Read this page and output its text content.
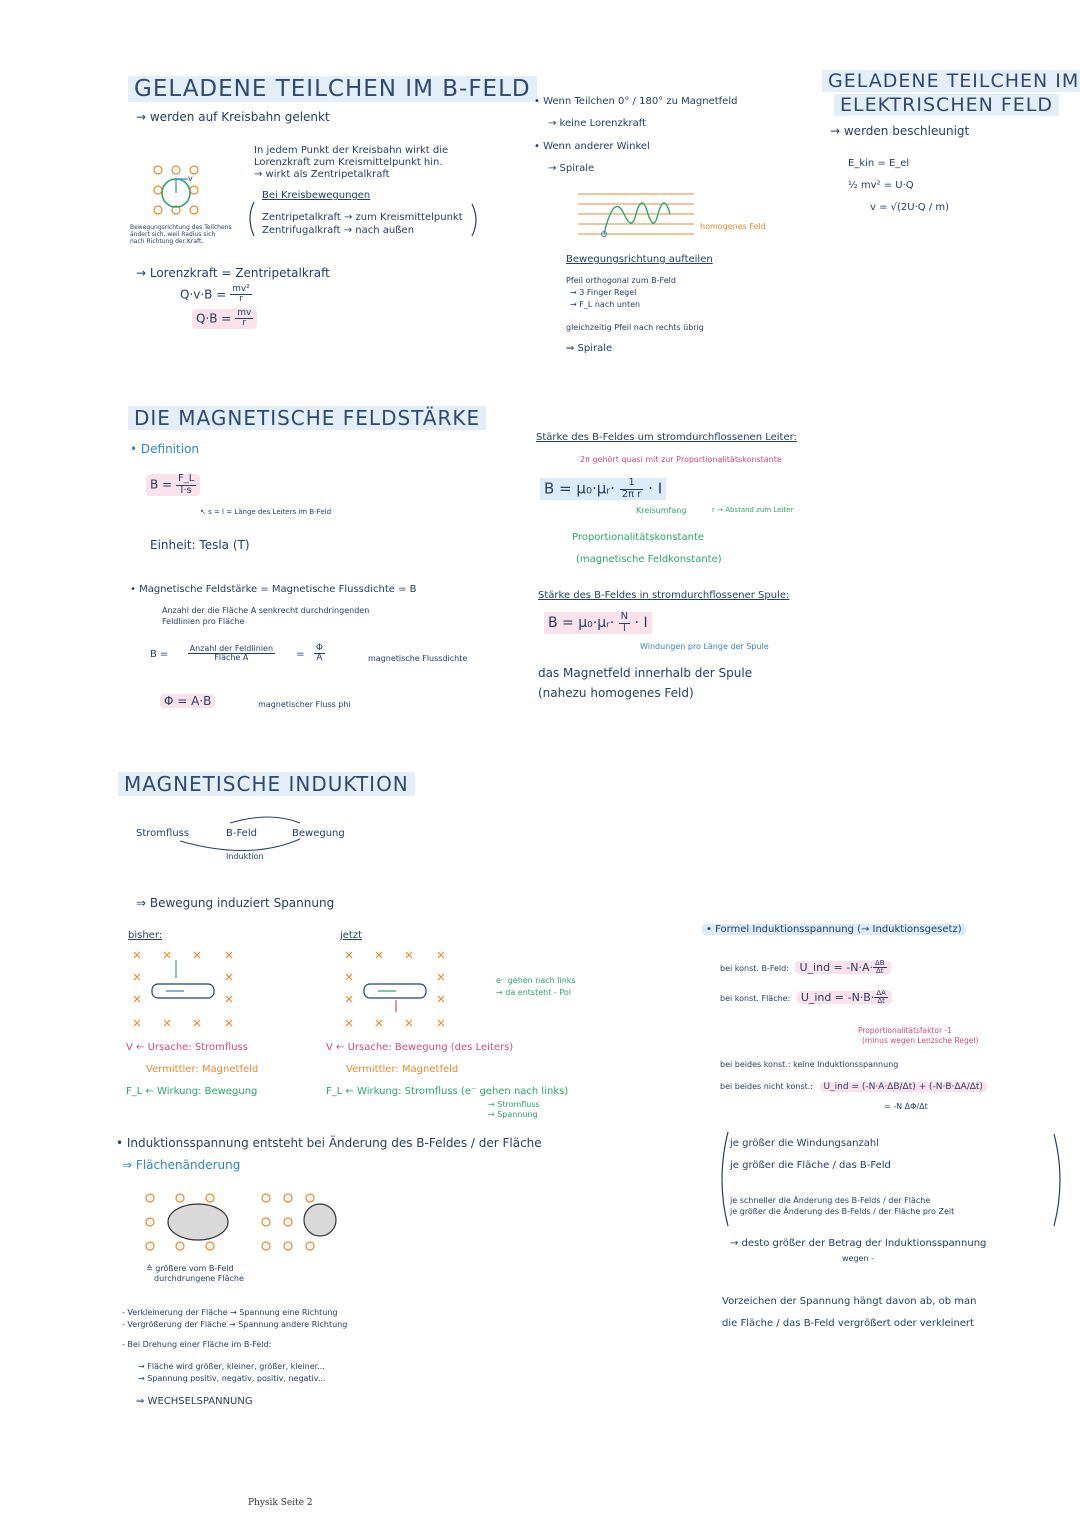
GELADENE TEILCHEN IM B-FELD
→ werden auf Kreisbahn gelenkt
In jedem Punkt der Kreisbahn wirkt die
Lorenzkraft zum Kreismittelpunkt hin.
→ wirkt als Zentripetalkraft
Bei Kreisbewegungen
Zentripetalkraft → zum Kreismittelpunkt
Zentrifugalkraft → nach außen
v
Bewegungsrichtung des Teilchens
ändert sich, weil Radius sich
nach Richtung der Kraft.
→ Lorenzkraft = Zentripetalkraft
$Q\cdot v\cdot B = \frac{\text{mv²}}{r}$
$Q\cdot B = \frac{mv}{r}$
• Wenn Teilchen 0° / 180° zu Magnetfeld
→ keine Lorenzkraft
• Wenn anderer Winkel
→ Spirale
homogenes Feld
Bewegungsrichtung aufteilen
Pfeil orthogonal zum B-Feld
→ 3 Finger Regel
→ F_L nach unten
gleichzeitig Pfeil nach rechts übrig
⇒ Spirale
GELADENE TEILCHEN IM
ELEKTRISCHEN FELD
→ werden beschleunigt
E_kin = E_el
½ mv² = U·Q
v = √(2U·Q / m)
DIE MAGNETISCHE FELDSTÄRKE
• Definition
$B = \frac{F\_L}{I\cdot s}$
↖ s = l = Länge des Leiters im B-Feld
Einheit: Tesla (T)
• Magnetische Feldstärke = Magnetische Flussdichte = B
Anzahl der die Fläche A senkrecht durchdringenden
Feldlinien pro Fläche
$B = \frac{\text{Anzahl der Feldlinien}}{\text{Fläche A}} = \frac{\Phi}{A}$	magnetische Flussdichte
Φ = A·B	magnetischer Fluss phi
Stärke des B-Feldes um stromdurchflossenen Leiter:
2π gehört quasi mit zur Proportionalitätskonstante
B = μ₀·μᵣ· $\frac{1}{\text{2π r}} \cdot I$
Kreisumfang	r → Abstand zum Leiter
Proportionalitätskonstante
(magnetische Feldkonstante)
Stärke des B-Feldes in stromdurchflossener Spule:
B = μ₀·μᵣ· $\frac{N}{l} \cdot I$
Windungen pro Länge der Spule
das Magnetfeld innerhalb der Spule
(nahezu homogenes Feld)
MAGNETISCHE INDUKTION
Stromfluss	B-Feld	Bewegung
Induktion
⇒ Bewegung induziert Spannung
bisher:	jetzt
e⁻ gehen nach links
→ da entsteht - Pol
V ← Ursache: Stromfluss
Vermittler: Magnetfeld
F_L ← Wirkung: Bewegung
V ← Ursache: Bewegung (des Leiters)
Vermittler: Magnetfeld
F_L ← Wirkung: Stromfluss (e⁻ gehen nach links)
→ Stromfluss
→ Spannung
• Induktionsspannung entsteht bei Änderung des B-Feldes / der Fläche
⇒ Flächenänderung
≙ größere vom B-Feld
durchdrungene Fläche
- Verkleinerung der Fläche → Spannung eine Richtung
- Vergrößerung der Fläche → Spannung andere Richtung
- Bei Drehung einer Fläche im B-Feld:
→ Fläche wird größer, kleiner, größer, kleiner...
→ Spannung positiv, negativ, positiv, negativ...
⇒ WECHSELSPANNUNG
• Formel Induktionsspannung (→ Induktionsgesetz)
bei konst. B-Feld: U_ind = $-N\cdot A\cdot \frac{\Delta B}{\Delta t}$
bei konst. Fläche: U_ind = $-N\cdot B\cdot \frac{\Delta A}{\Delta t}$
Proportionalitätsfaktor -1
(minus wegen Lenzsche Regel)
bei beides konst.: keine Induktionsspannung
bei beides nicht konst.: U_ind = (-N·A·ΔB/Δt) + (-N·B·ΔA/Δt)
= -N ΔΦ/Δt
je größer die Windungsanzahl
je größer die Fläche / das B-Feld
je schneller die Änderung des B-Felds / der Fläche
je größer die Änderung des B-Felds / der Fläche pro Zeit
→ desto größer der Betrag der Induktionsspannung
wegen -
Vorzeichen der Spannung hängt davon ab, ob man
die Fläche / das B-Feld vergrößert oder verkleinert
Physik Seite 2
